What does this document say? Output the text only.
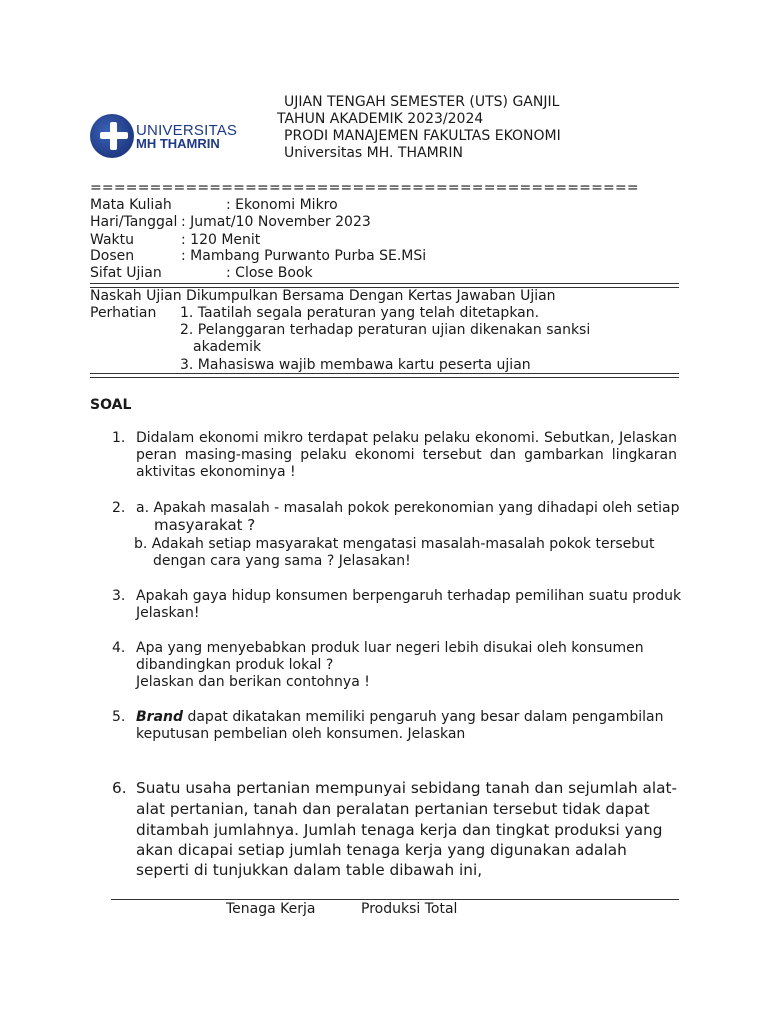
UNIVERSITAS
MH THAMRIN
UJIAN TENGAH SEMESTER (UTS) GANJIL
TAHUN AKADEMIK 2023/2024
PRODI MANAJEMEN FAKULTAS EKONOMI
Universitas MH. THAMRIN
==============================================
Mata Kuliah	: Ekonomi Mikro
Hari/Tanggal : Jumat/10 November 2023
Waktu	: 120 Menit
Dosen	: Mambang Purwanto Purba SE.MSi
Sifat Ujian	: Close Book
Naskah Ujian Dikumpulkan Bersama Dengan Kertas Jawaban Ujian
Perhatian 1. Taatilah segala peraturan yang telah ditetapkan.
2. Pelanggaran terhadap peraturan ujian dikenakan sanksi
akademik
3. Mahasiswa wajib membawa kartu peserta ujian
SOAL
1. Didalam ekonomi mikro terdapat pelaku pelaku ekonomi. Sebutkan, Jelaskan peran masing-masing pelaku ekonomi tersebut dan gambarkan lingkaran aktivitas ekonominya !
2. a. Apakah masalah - masalah pokok perekonomian yang dihadapi oleh setiap
masyarakat ?
b. Adakah setiap masyarakat mengatasi masalah-masalah pokok tersebut
dengan cara yang sama ? Jelasakan!
3. Apakah gaya hidup konsumen berpengaruh terhadap pemilihan suatu produk
Jelaskan!
4. Apa yang menyebabkan produk luar negeri lebih disukai oleh konsumen
dibandingkan produk lokal ?
Jelaskan dan berikan contohnya !
5. Brand dapat dikatakan memiliki pengaruh yang besar dalam pengambilan
keputusan pembelian oleh konsumen. Jelaskan
6. Suatu usaha pertanian mempunyai sebidang tanah dan sejumlah alat-
alat pertanian, tanah dan peralatan pertanian tersebut tidak dapat
ditambah jumlahnya. Jumlah tenaga kerja dan tingkat produksi yang
akan dicapai setiap jumlah tenaga kerja yang digunakan adalah
seperti di tunjukkan dalam table dibawah ini,
Tenaga Kerja	Produksi Total
